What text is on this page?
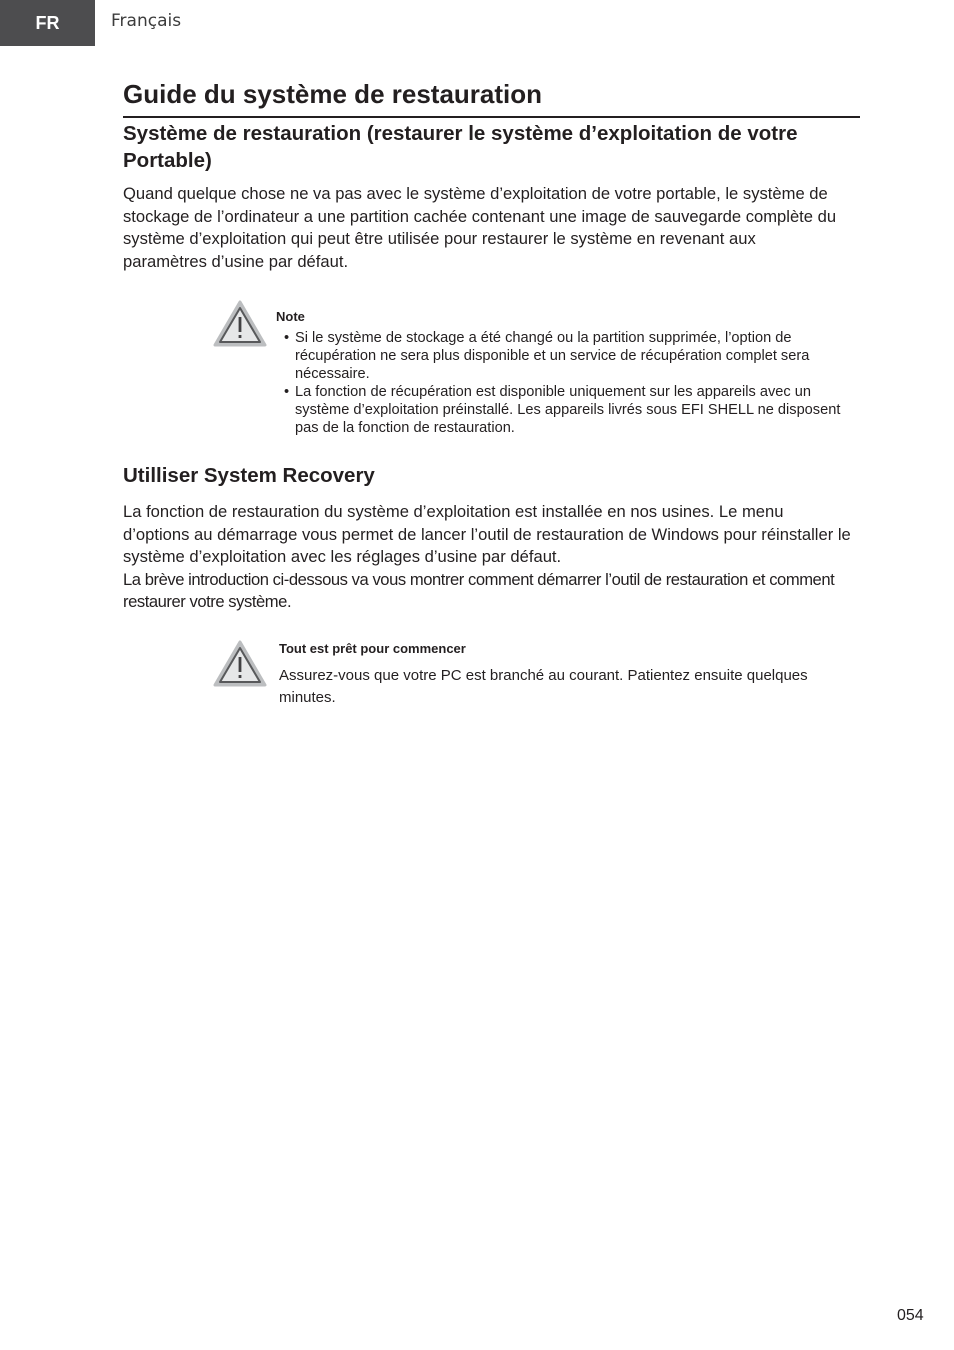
FR	Français
Guide du système de restauration
Système de restauration (restaurer le système d’exploitation de votre Portable)

Quand quelque chose ne va pas avec le système d’exploitation de votre portable, le système de stockage de l’ordinateur a une partition cachée contenant une image de sauvegarde complète du système d’exploitation qui peut être utilisée pour restaurer le système en revenant aux paramètres d’usine par défaut.

Note
• Si le système de stockage a été changé ou la partition supprimée, l’option de récupération ne sera plus disponible et un service de récupération complet sera nécessaire.
• La fonction de récupération est disponible uniquement sur les appareils avec un système d’exploitation préinstallé. Les appareils livrés sous EFI SHELL ne disposent pas de la fonction de restauration.
Utilliser System Recovery

La fonction de restauration du système d’exploitation est installée en nos usines. Le menu d’options au démarrage vous permet de lancer l’outil de restauration de Windows pour réinstaller le système d’exploitation avec les réglages d’usine par défaut.

La brève introduction ci-dessous va vous montrer comment démarrer l’outil de restauration et comment restaurer votre système.

Tout est prêt pour commencer

Assurez-vous que votre PC est branché au courant. Patientez ensuite quelques minutes.

054
